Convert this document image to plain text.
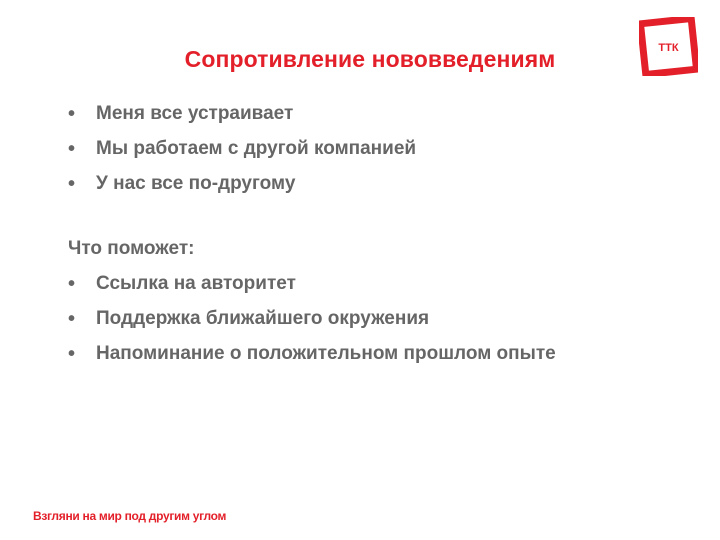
Сопротивление нововведениям	ТТК
• Меня все устраивает
• Мы работаем с другой компанией
• У нас все по-другому
Что поможет:
• Ссылка на авторитет
• Поддержка ближайшего окружения
• Напоминание о положительном прошлом опыте
Взгляни на мир под другим углом
